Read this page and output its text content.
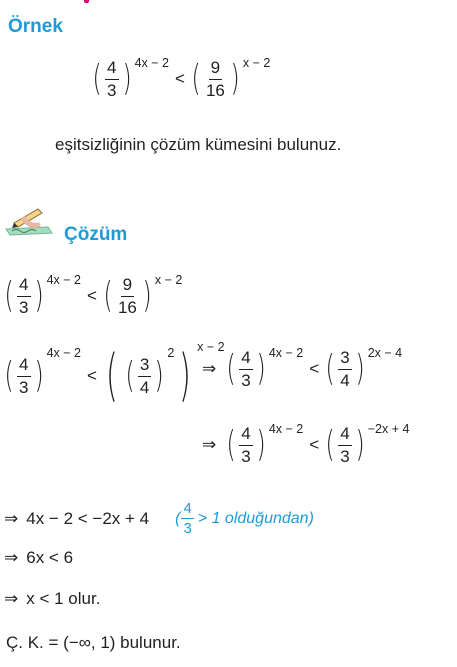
Örnek
( $\frac{4}{3}$ ) 4x − 2
< ( $\frac{9}{16}$ ) x − 2
eşitsizliğinin çözüm kümesini bulunuz.
Çözüm
( $\frac{4}{3}$ ) 4x − 2
< ( $\frac{9}{16}$ ) x − 2
( $\frac{4}{3}$ )
4x − 2
< ( ( $\frac{3}{4}$ )
2 ) x − 2
⇒ ( $\frac{4}{3}$ ) 4x − 2
< ( $\frac{3}{4}$ ) 2x − 4
⇒ ( $\frac{4}{3}$ ) 4x − 2
< ( $\frac{4}{3}$ ) −2x + 4
⇒ 4x − 2 < −2x + 4 ( $\frac{4}{3} > 1$ olduğundan)
⇒ 6x < 6
⇒ x < 1 olur.
Ç. K. = (−∞, 1) bulunur.
